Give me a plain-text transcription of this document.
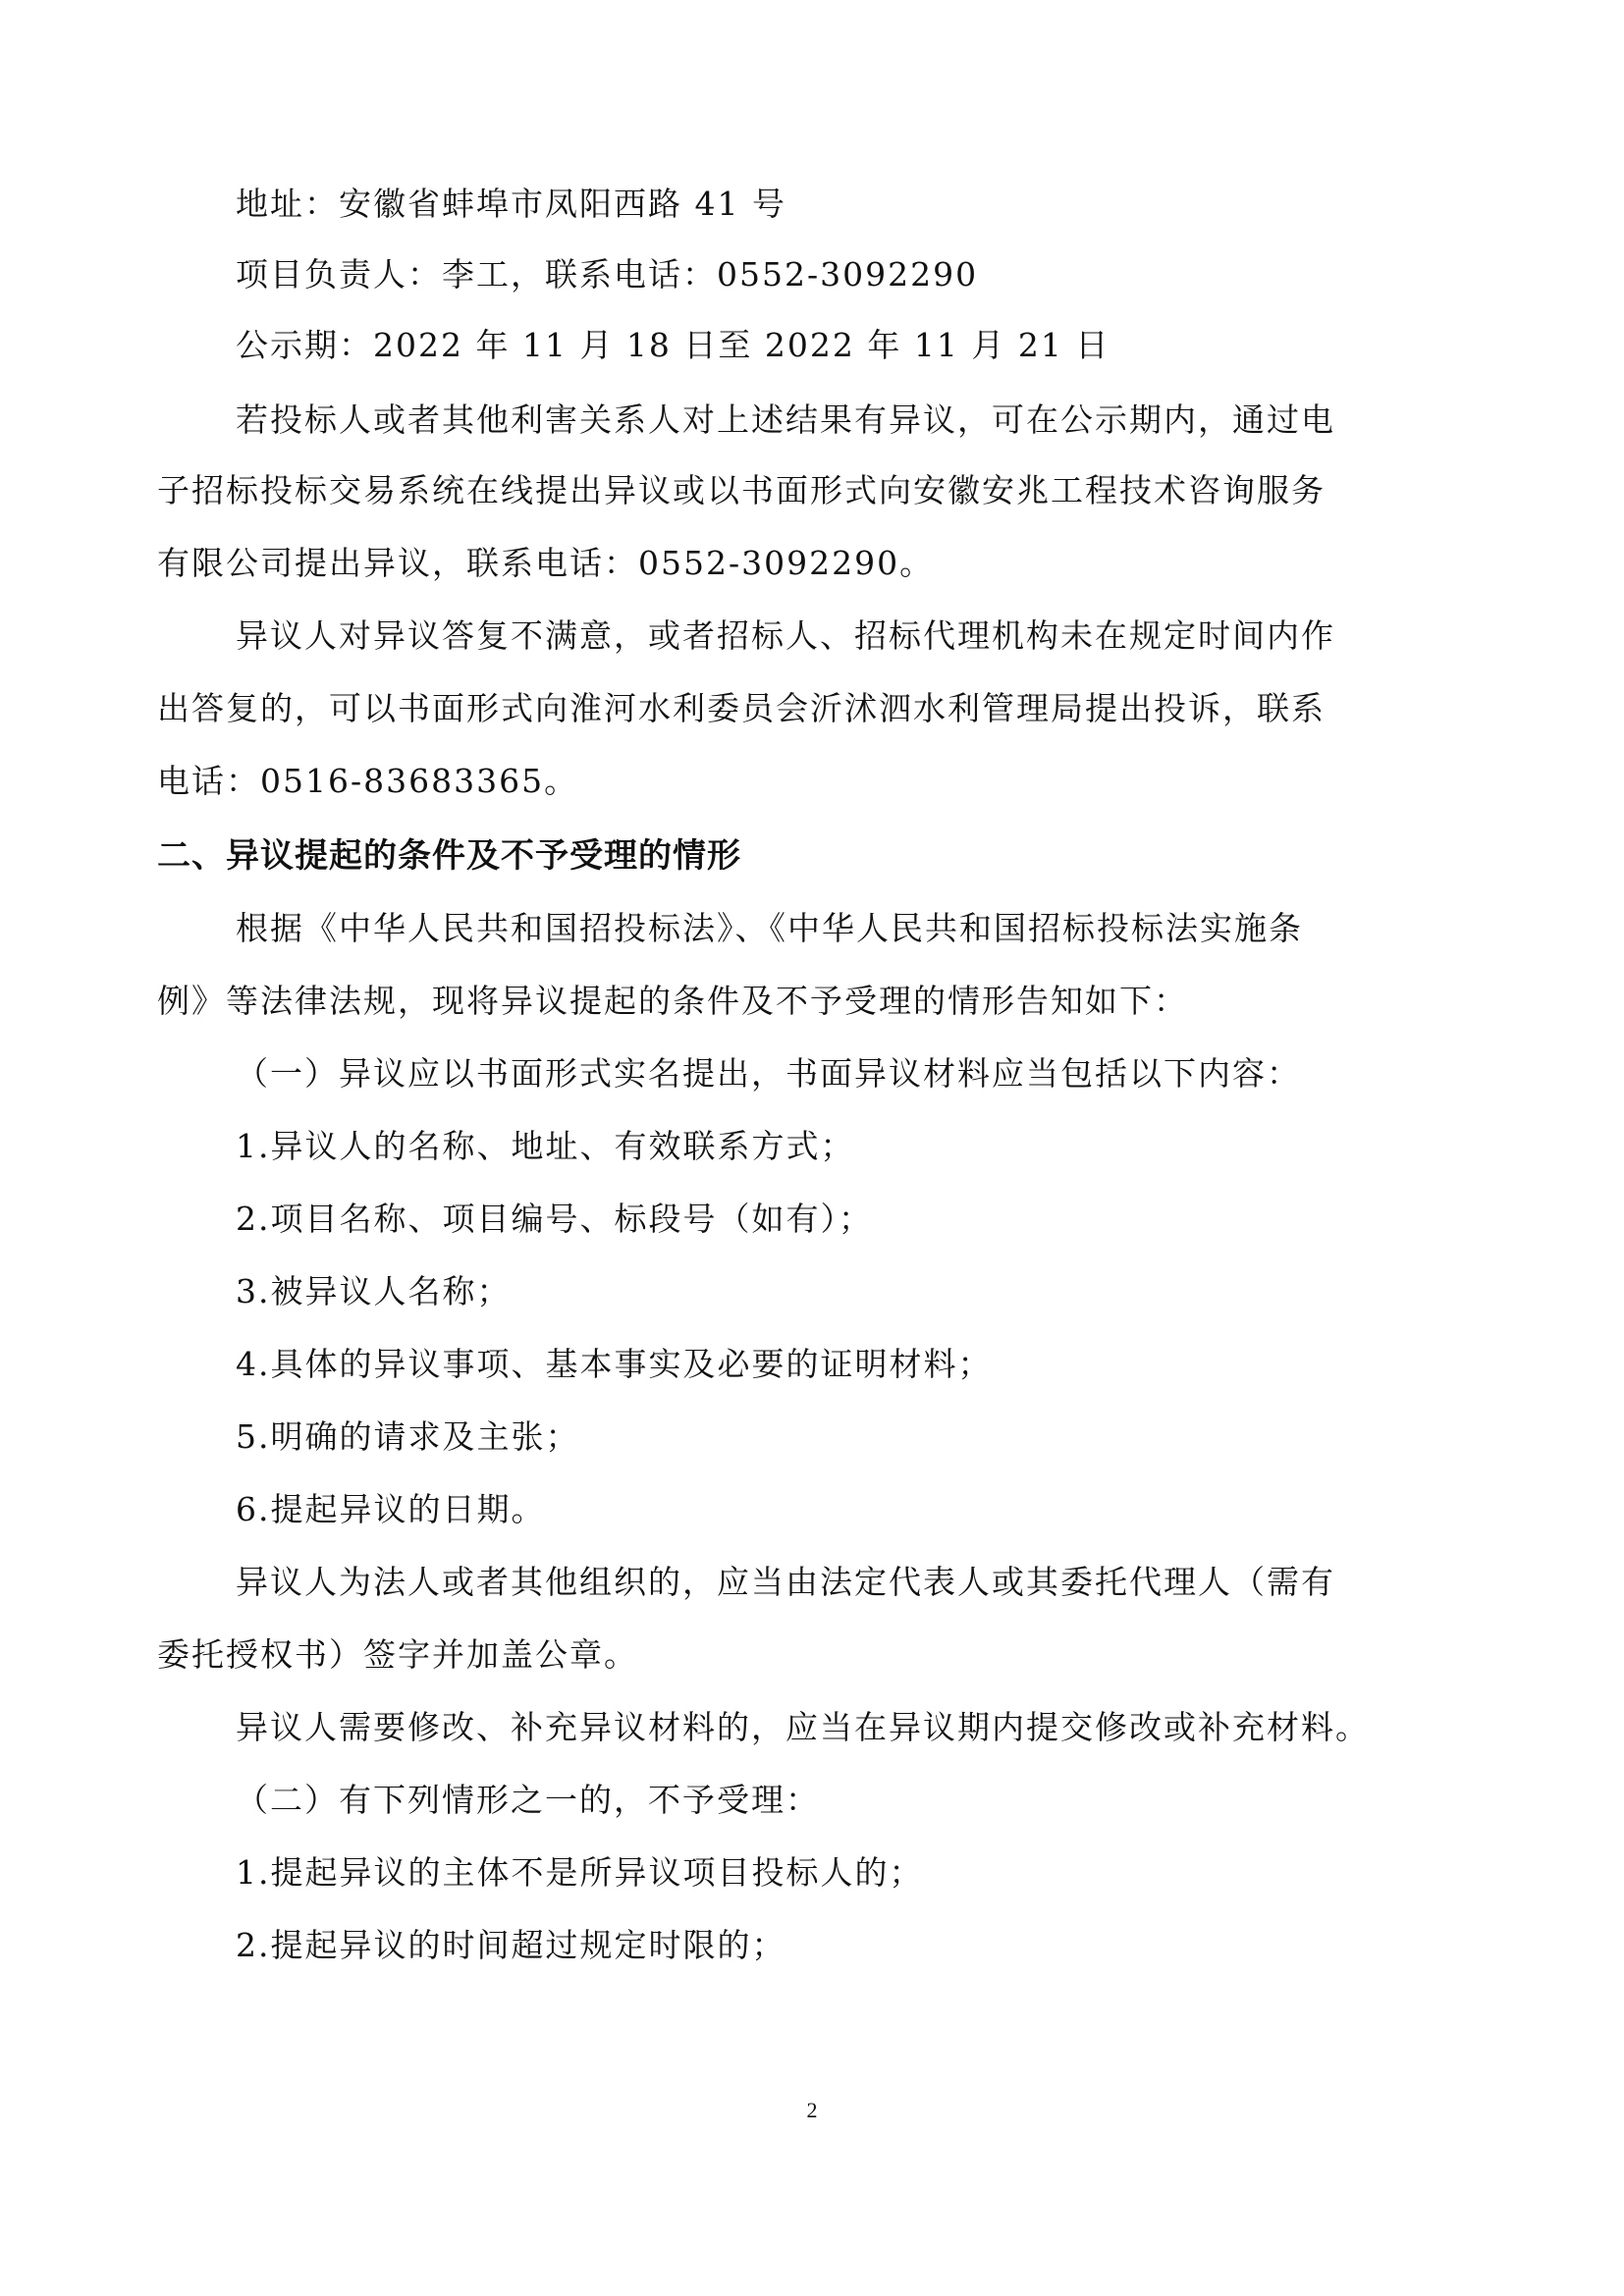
地址：安徽省蚌埠市凤阳西路 41 号
项目负责人：李工，联系电话：0552-3092290
公示期：2022 年 11 月 18 日至 2022 年 11 月 21 日
若投标人或者其他利害关系人对上述结果有异议，可在公示期内，通过电
子招标投标交易系统在线提出异议或以书面形式向安徽安兆工程技术咨询服务
有限公司提出异议，联系电话：0552-3092290。
异议人对异议答复不满意，或者招标人、招标代理机构未在规定时间内作
出答复的，可以书面形式向淮河水利委员会沂沭泗水利管理局提出投诉，联系
电话：0516-83683365。
二、异议提起的条件及不予受理的情形
根据《中华人民共和国招投标法》、《中华人民共和国招标投标法实施条
例》等法律法规，现将异议提起的条件及不予受理的情形告知如下：
（一）异议应以书面形式实名提出，书面异议材料应当包括以下内容：
1.异议人的名称、地址、有效联系方式；
2.项目名称、项目编号、标段号（如有）；
3.被异议人名称；
4.具体的异议事项、基本事实及必要的证明材料；
5.明确的请求及主张；
6.提起异议的日期。
异议人为法人或者其他组织的，应当由法定代表人或其委托代理人（需有
委托授权书）签字并加盖公章。
异议人需要修改、补充异议材料的，应当在异议期内提交修改或补充材料。
（二）有下列情形之一的，不予受理：
1.提起异议的主体不是所异议项目投标人的；
2.提起异议的时间超过规定时限的；
2
